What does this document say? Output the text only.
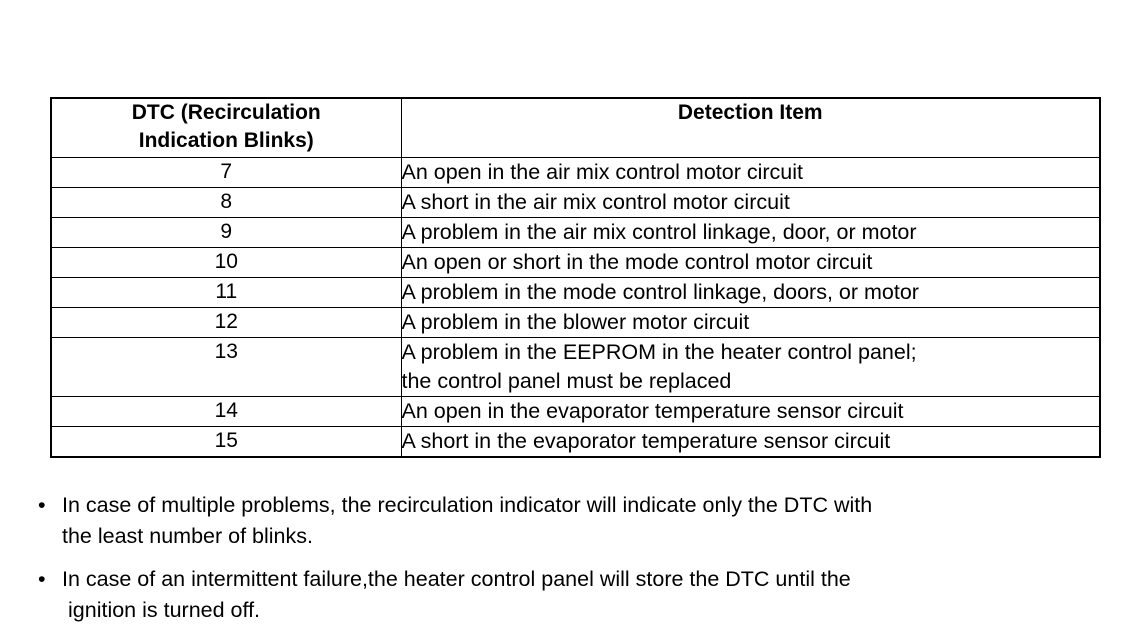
DTC (Recirculation
Indication Blinks)	Detection Item
7	An open in the air mix control motor circuit
8	A short in the air mix control motor circuit
9	A problem in the air mix control linkage, door, or motor
10	An open or short in the mode control motor circuit
11	A problem in the mode control linkage, doors, or motor
12	A problem in the blower motor circuit
13	A problem in the EEPROM in the heater control panel;
the control panel must be replaced

14	An open in the evaporator temperature sensor circuit
15	A short in the evaporator temperature sensor circuit
• In case of multiple problems, the recirculation indicator will indicate only the DTC with
the least number of blinks.
• In case of an intermittent failure,the heater control panel will store the DTC until the
ignition is turned off.
